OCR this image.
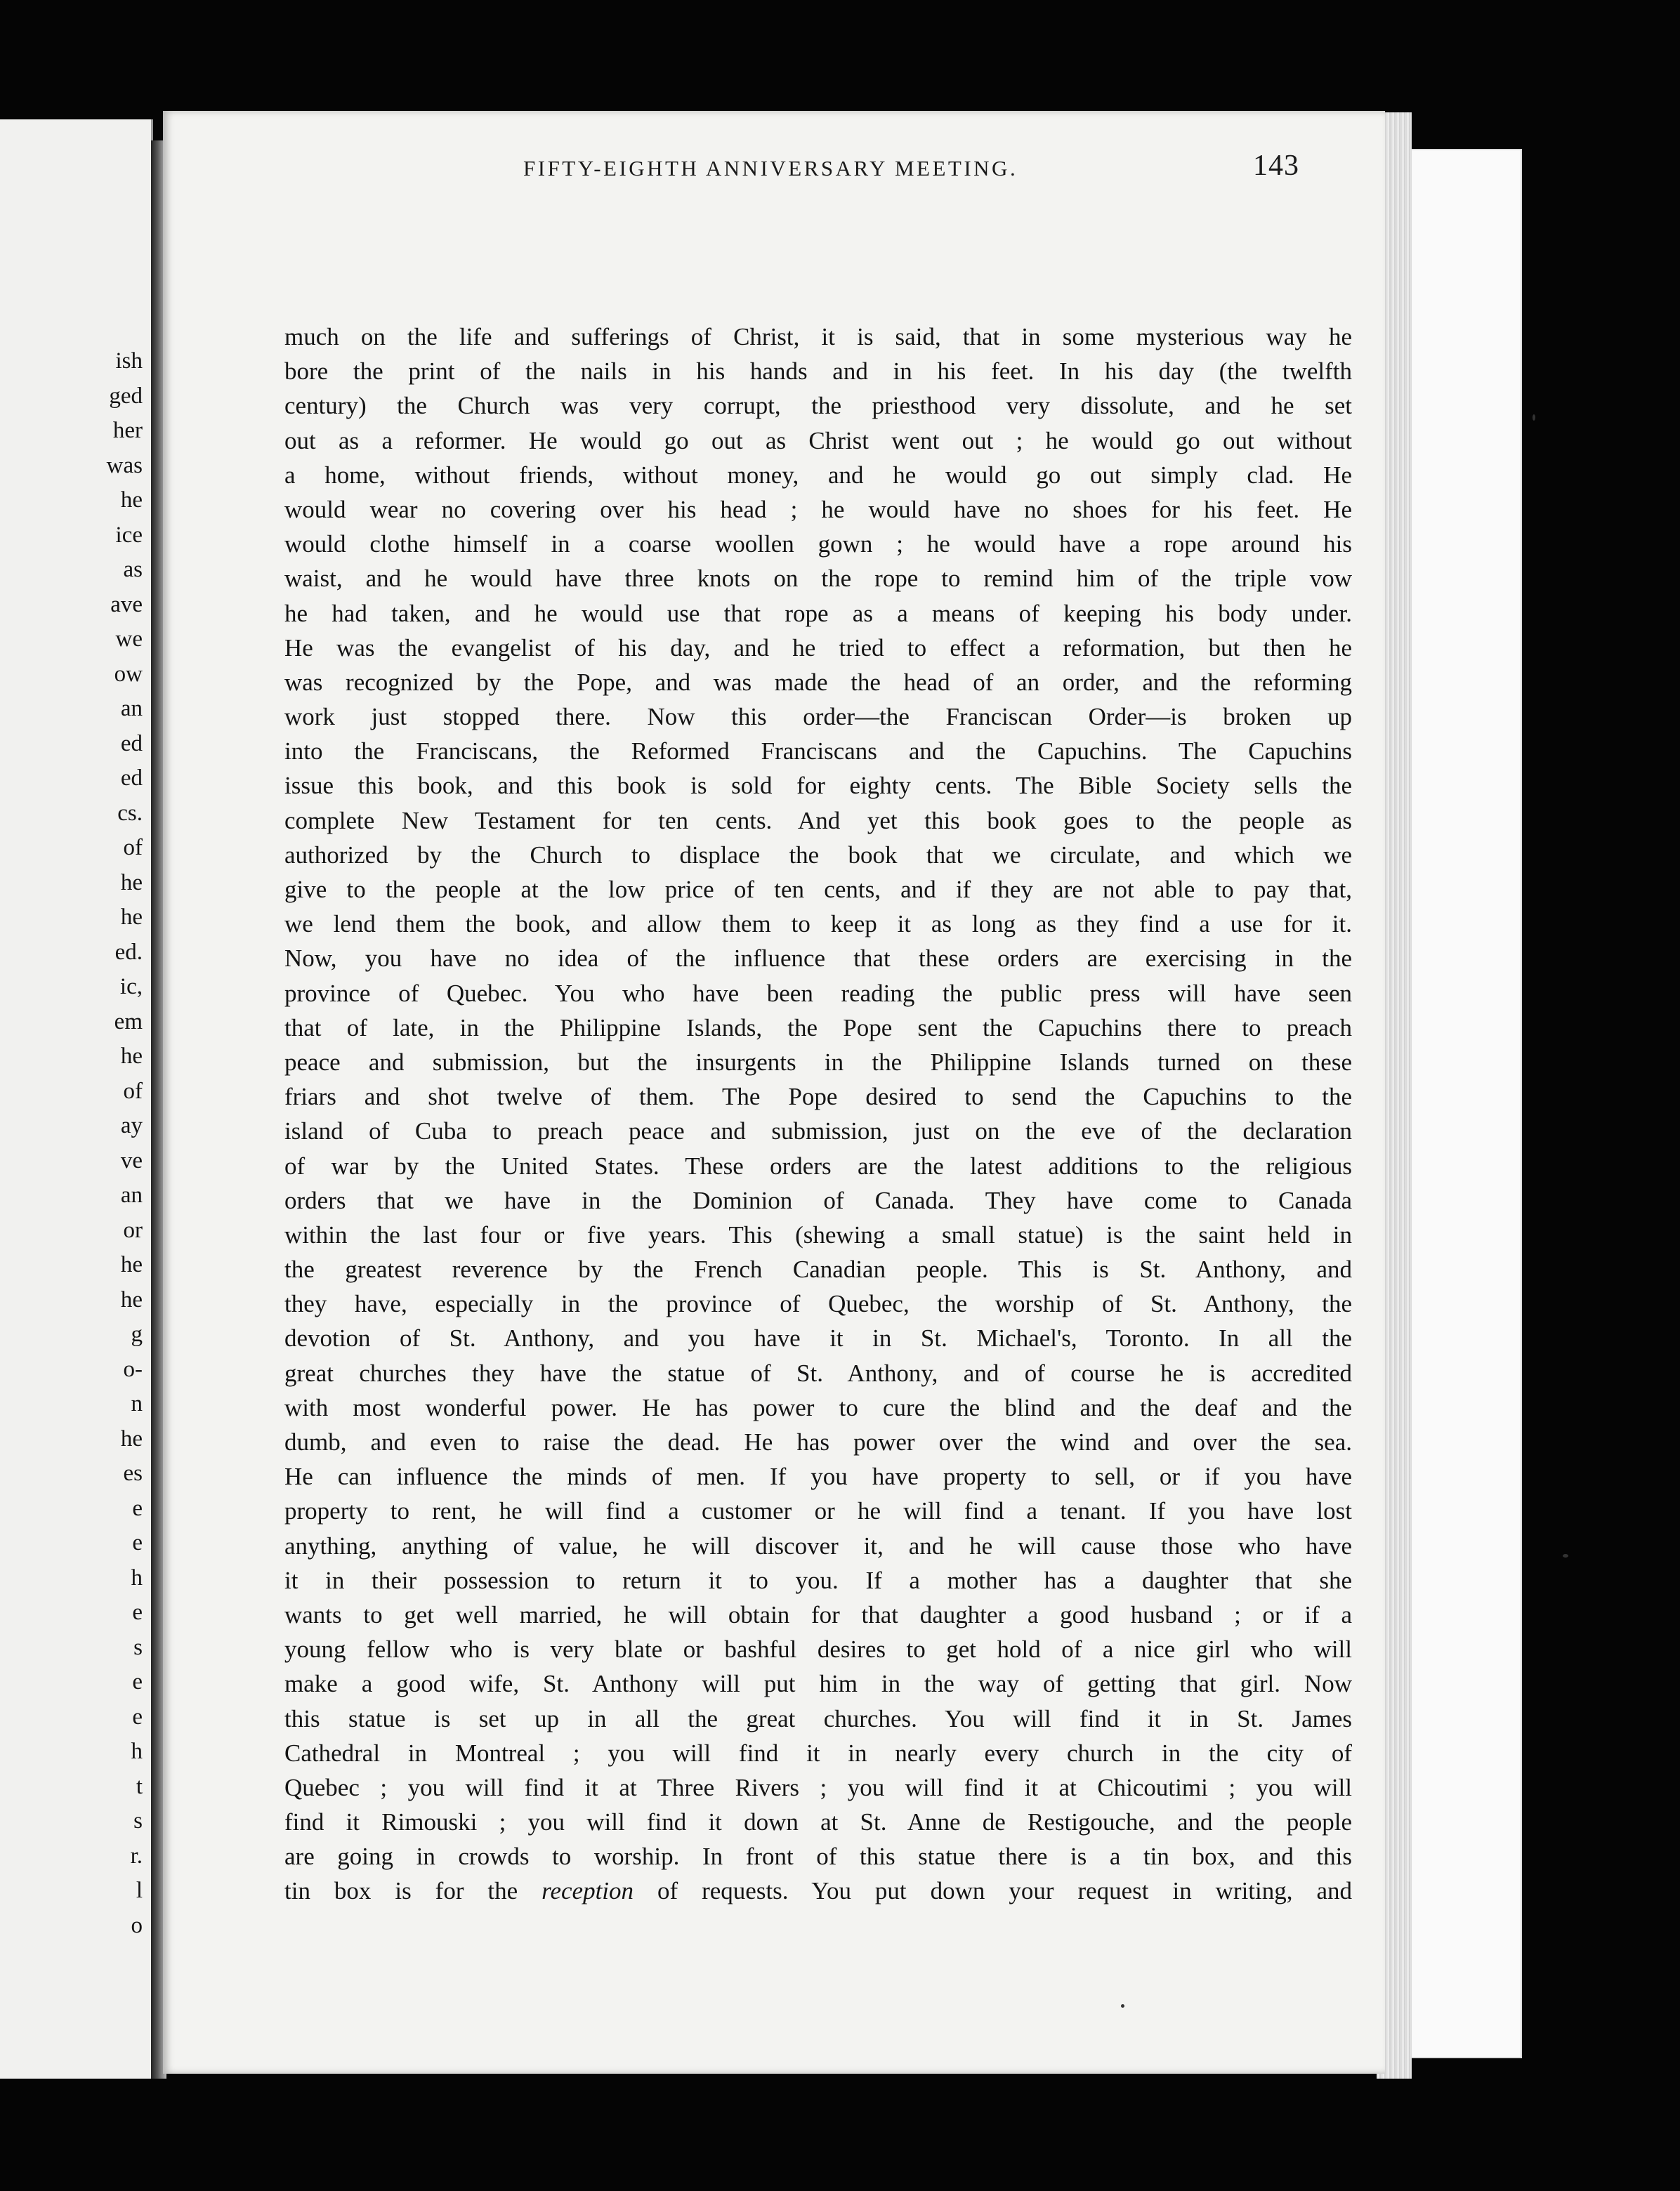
ish
ged
her
was
he
ice
as
ave
we
ow
an
ed
ed
cs.
of
he
he
ed.
ic,
em
he
of
ay
ve
an
or
he
he
g
o-
n
he
es
e
e
h
e
s
e
e
h
t
s
r.
l
o
FIFTY-EIGHTH ANNIVERSARY MEETING.	143
much on the life and sufferings of Christ, it is said, that in some mysterious way he
bore the print of the nails in his hands and in his feet. In his day (the twelfth
century) the Church was very corrupt, the priesthood very dissolute, and he set
out as a reformer. He would go out as Christ went out ; he would go out without
a home, without friends, without money, and he would go out simply clad. He
would wear no covering over his head ; he would have no shoes for his feet. He
would clothe himself in a coarse woollen gown ; he would have a rope around his
waist, and he would have three knots on the rope to remind him of the triple vow
he had taken, and he would use that rope as a means of keeping his body under.
He was the evangelist of his day, and he tried to effect a reformation, but then he
was recognized by the Pope, and was made the head of an order, and the reforming
work just stopped there. Now this order—the Franciscan Order—is broken up
into the Franciscans, the Reformed Franciscans and the Capuchins. The Capuchins
issue this book, and this book is sold for eighty cents. The Bible Society sells the
complete New Testament for ten cents. And yet this book goes to the people as
authorized by the Church to displace the book that we circulate, and which we
give to the people at the low price of ten cents, and if they are not able to pay that,
we lend them the book, and allow them to keep it as long as they find a use for it.
Now, you have no idea of the influence that these orders are exercising in the
province of Quebec. You who have been reading the public press will have seen
that of late, in the Philippine Islands, the Pope sent the Capuchins there to preach
peace and submission, but the insurgents in the Philippine Islands turned on these
friars and shot twelve of them. The Pope desired to send the Capuchins to the
island of Cuba to preach peace and submission, just on the eve of the declaration
of war by the United States. These orders are the latest additions to the religious
orders that we have in the Dominion of Canada. They have come to Canada
within the last four or five years. This (shewing a small statue) is the saint held in
the greatest reverence by the French Canadian people. This is St. Anthony, and
they have, especially in the province of Quebec, the worship of St. Anthony, the
devotion of St. Anthony, and you have it in St. Michael's, Toronto. In all the
great churches they have the statue of St. Anthony, and of course he is accredited
with most wonderful power. He has power to cure the blind and the deaf and the
dumb, and even to raise the dead. He has power over the wind and over the sea.
He can influence the minds of men. If you have property to sell, or if you have
property to rent, he will find a customer or he will find a tenant. If you have lost
anything, anything of value, he will discover it, and he will cause those who have
it in their possession to return it to you. If a mother has a daughter that she
wants to get well married, he will obtain for that daughter a good husband ; or if a
young fellow who is very blate or bashful desires to get hold of a nice girl who will
make a good wife, St. Anthony will put him in the way of getting that girl. Now
this statue is set up in all the great churches. You will find it in St. James
Cathedral in Montreal ; you will find it in nearly every church in the city of
Quebec ; you will find it at Three Rivers ; you will find it at Chicoutimi ; you will
find it Rimouski ; you will find it down at St. Anne de Restigouche, and the people
are going in crowds to worship. In front of this statue there is a tin box, and this
tin box is for the reception of requests. You put down your request in writing, and
